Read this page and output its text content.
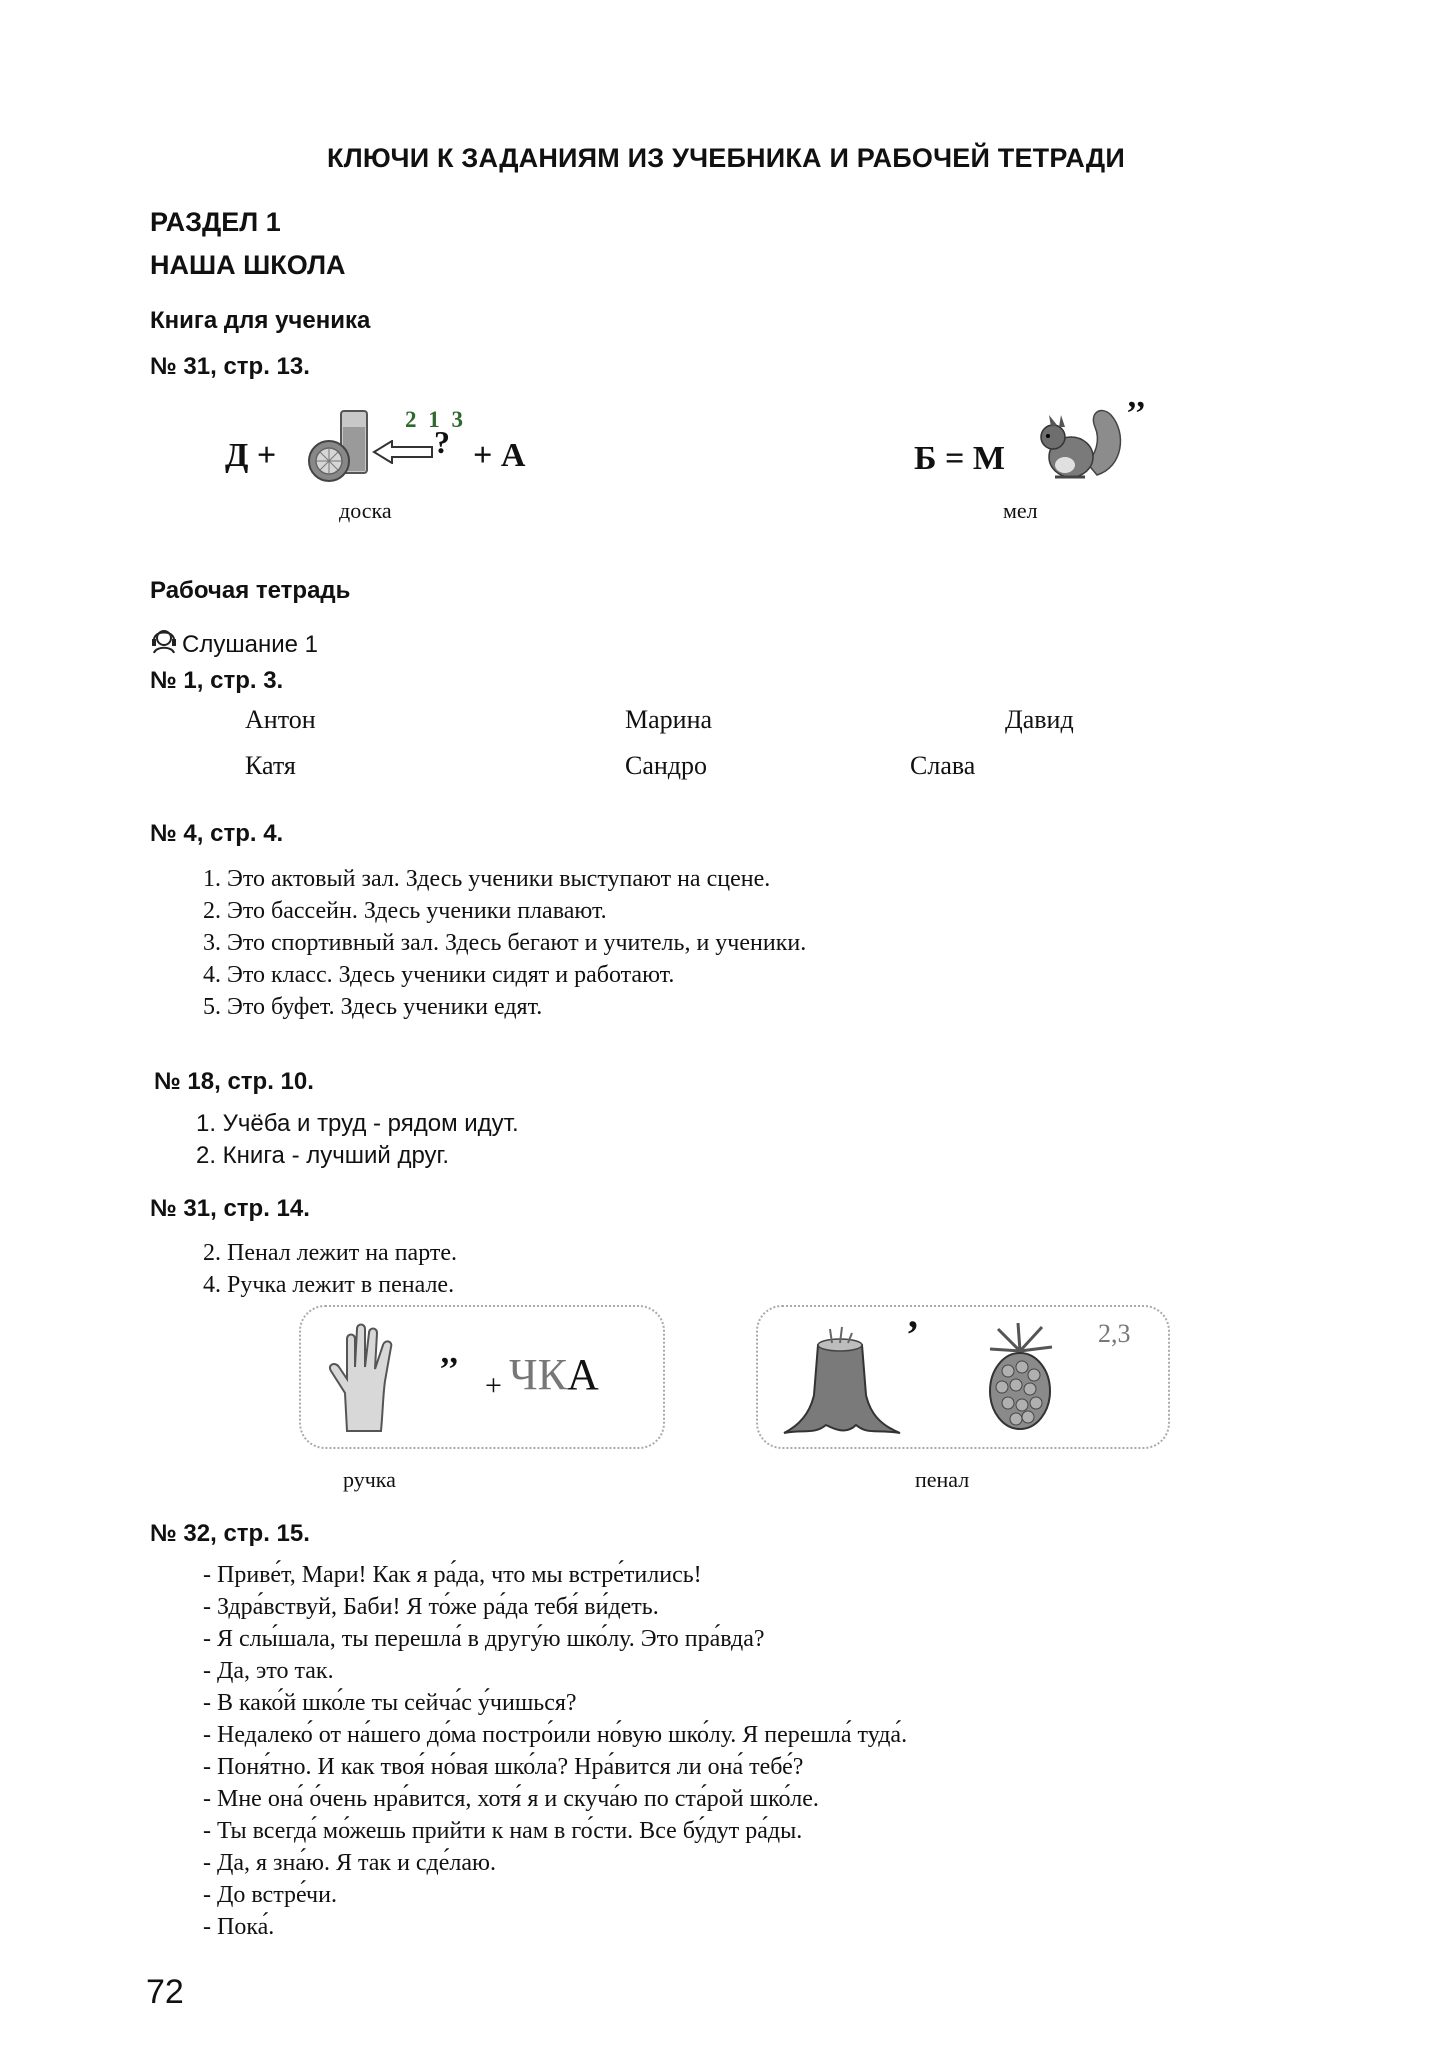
КЛЮЧИ К ЗАДАНИЯМ ИЗ УЧЕБНИКА И РАБОЧЕЙ ТЕТРАДИ
РАЗДЕЛ 1
НАША ШКОЛА
Книга для ученика
№ 31, стр. 13.
Д +
2 1 3
? + А
доска
Б = М
’’
мел
Рабочая тетрадь
Слушание 1
№ 1, стр. 3.
Антон	Марина	Давид
Катя	Сандро	Слава
№ 4, стр. 4.
1. Это актовый зал. Здесь ученики выступают на сцене.
2. Это бассейн. Здесь ученики плавают.
3. Это спортивный зал. Здесь бегают и учитель, и ученики.
4. Это класс. Здесь ученики сидят и работают.
5. Это буфет. Здесь ученики едят.
№ 18, стр. 10.
1. Учёба и труд - рядом идут.
2. Книга - лучший друг.
№ 31, стр. 14.
2. Пенал лежит на парте.
4. Ручка лежит в пенале.
’’ + ЧКА
ручка
’	2,3
пенал
№ 32, стр. 15.
- Приве́т, Мари! Как я ра́да, что мы встре́тились!
- Здра́вствуй, Баби! Я то́же ра́да тебя́ ви́деть.
- Я слы́шала, ты перешла́ в другу́ю шко́лу. Это пра́вда?
- Да, это так.
- В како́й шко́ле ты сейча́с у́чишься?
- Недалеко́ от на́шего до́ма постро́или но́вую шко́лу. Я перешла́ туда́.
- Поня́тно. И как твоя́ но́вая шко́ла? Нра́вится ли она́ тебе́?
- Мне она́ о́чень нра́вится, хотя́ я и скуча́ю по ста́рой шко́ле.
- Ты всегда́ мо́жешь прийти к нам в го́сти. Все бу́дут ра́ды.
- Да, я зна́ю. Я так и сде́лаю.
- До встре́чи.
- Пока́.
72
